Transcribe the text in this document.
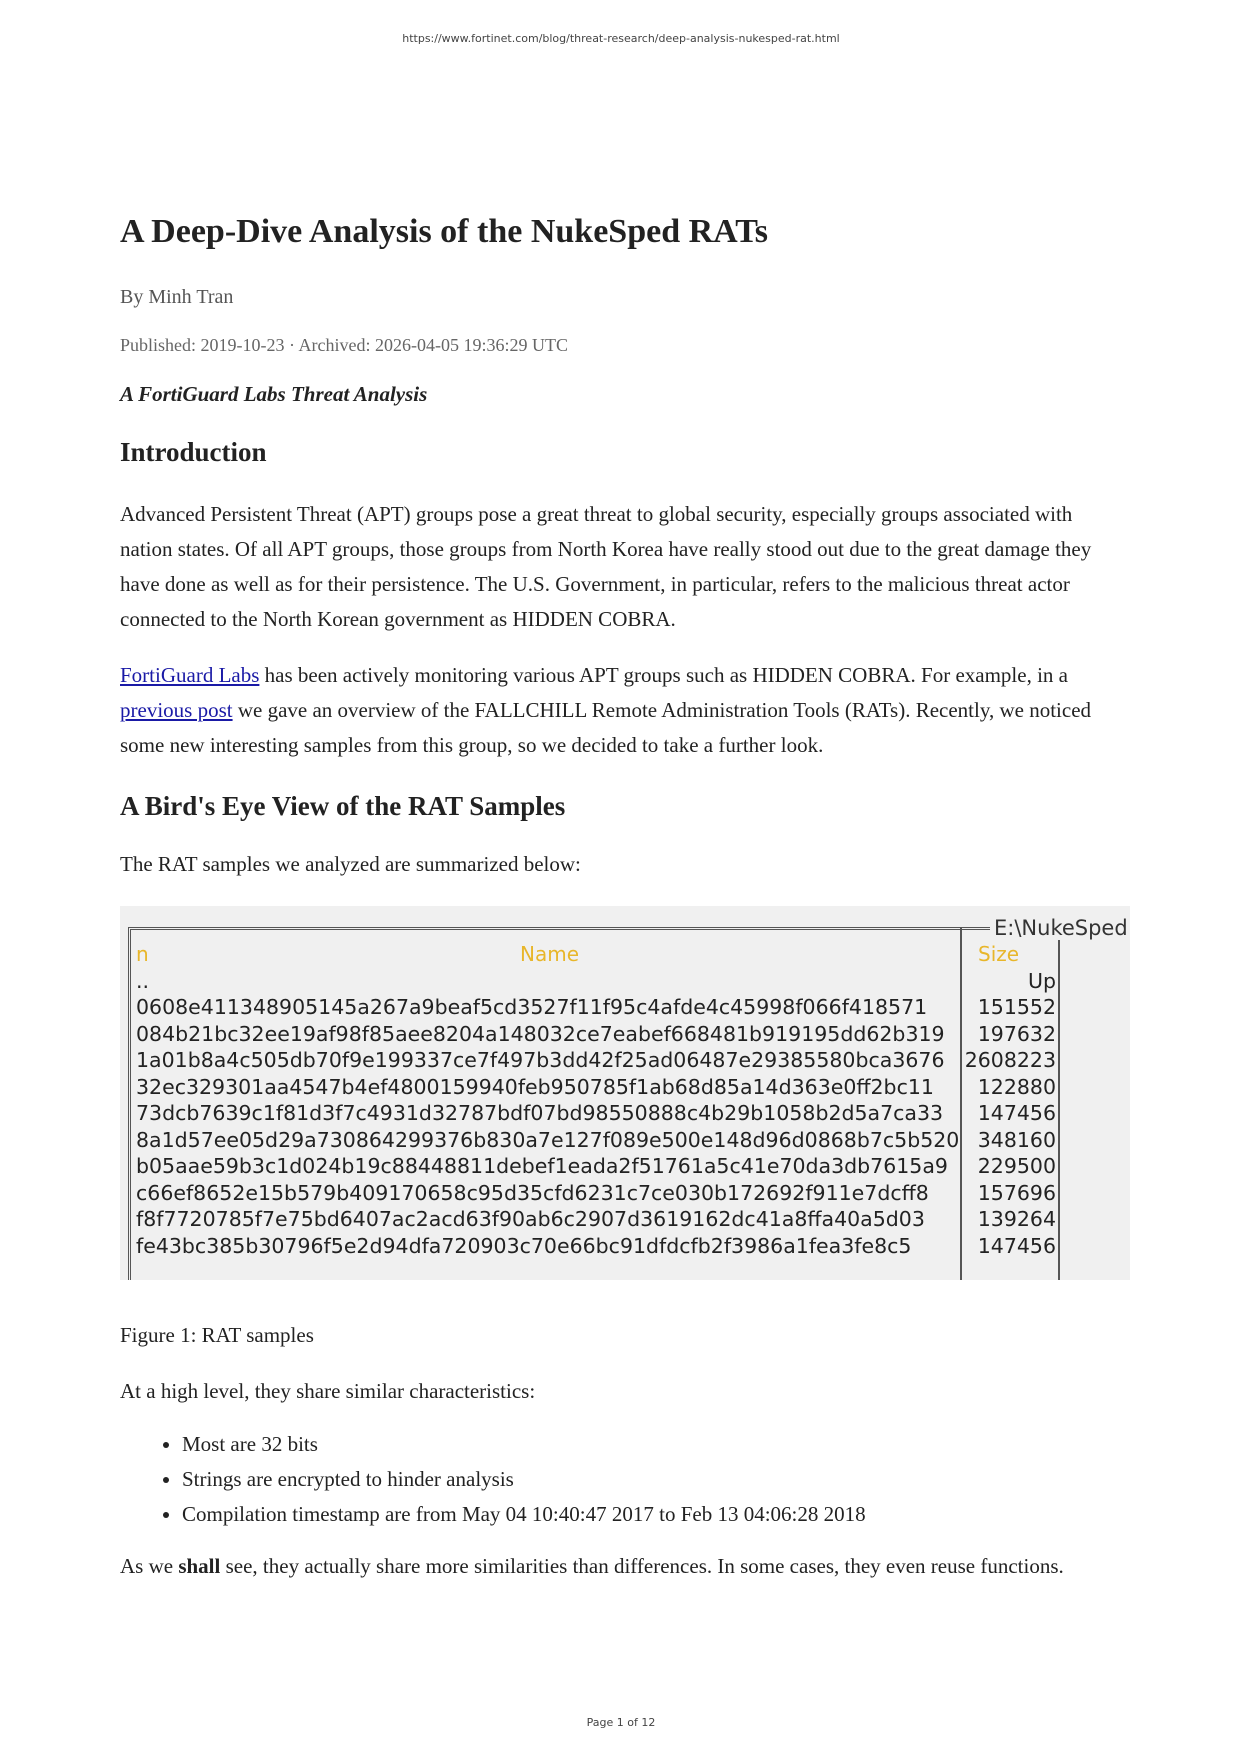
https://www.fortinet.com/blog/threat-research/deep-analysis-nukesped-rat.html
A Deep-Dive Analysis of the NukeSped RATs
By Minh Tran
Published: 2019-10-23 · Archived: 2026-04-05 19:36:29 UTC
A FortiGuard Labs Threat Analysis
Introduction

Advanced Persistent Threat (APT) groups pose a great threat to global security, especially groups associated with nation states. Of all APT groups, those groups from North Korea have really stood out due to the great damage they have done as well as for their persistence. The U.S. Government, in particular, refers to the malicious threat actor connected to the North Korean government as HIDDEN COBRA.

FortiGuard Labs has been actively monitoring various APT groups such as HIDDEN COBRA. For example, in a previous post we gave an overview of the FALLCHILL Remote Administration Tools (RATs). Recently, we noticed some new interesting samples from this group, so we decided to take a further look.

A Bird's Eye View of the RAT Samples

The RAT samples we analyzed are summarized below:

E:\NukeSped
n	Name	Size
..	Up
0608e411348905145a267a9beaf5cd3527f11f95c4afde4c45998f066f418571	151552
084b21bc32ee19af98f85aee8204a148032ce7eabef668481b919195dd62b319	197632
1a01b8a4c505db70f9e199337ce7f497b3dd42f25ad06487e29385580bca3676 2608223
32ec329301aa4547b4ef4800159940feb950785f1ab68d85a14d363e0ff2bc11	122880
73dcb7639c1f81d3f7c4931d32787bdf07bd98550888c4b29b1058b2d5a7ca33	147456
8a1d57ee05d29a730864299376b830a7e127f089e500e148d96d0868b7c5b520 348160
b05aae59b3c1d024b19c88448811debef1eada2f51761a5c41e70da3db7615a9	229500
c66ef8652e15b579b409170658c95d35cfd6231c7ce030b172692f911e7dcff8	157696
f8f7720785f7e75bd6407ac2acd63f90ab6c2907d3619162dc41a8ffa40a5d03	139264
fe43bc385b30796f5e2d94dfa720903c70e66bc91dfdcfb2f3986a1fea3fe8c5	147456

Figure 1: RAT samples

At a high level, they share similar characteristics:

• Most are 32 bits
• Strings are encrypted to hinder analysis
• Compilation timestamp are from May 04 10:40:47 2017 to Feb 13 04:06:28 2018

As we shall see, they actually share more similarities than differences. In some cases, they even reuse functions.

Page 1 of 12
